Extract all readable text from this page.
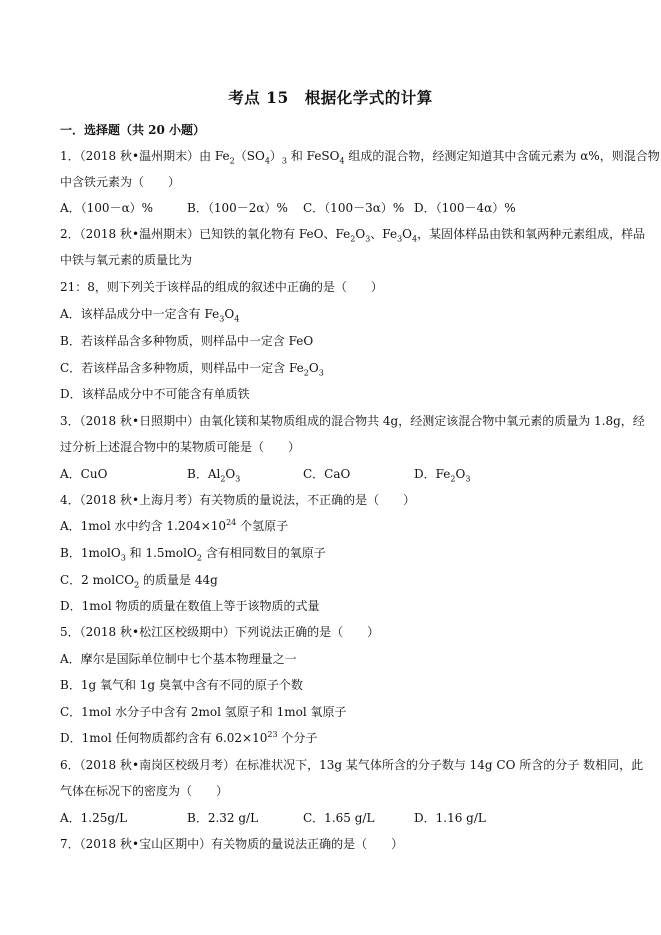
考点 15　根据化学式的计算
一．选择题（共 20 小题）
1．（2018 秋•温州期末）由 $Fe_2(SO_4)_3$ 和 FeSO$_4$ 组成的混合物，经测定知道其中含硫元素为 α%，则混合物
中含铁元素为（　　）
A．（100－α）%	B．（100－2α）% C．（100－3α）% D．（100－4α）%
2．（2018 秋•温州期末）已知铁的氧化物有 FeO、$Fe_2O_3$、$Fe_3O_4$，某固体样品由铁和氧两种元素组成，样品
中铁与氧元素的质量比为
21：8，则下列关于该样品的组成的叙述中正确的是（　　）
A．该样品成分中一定含有 $Fe_3O_4$
B．若该样品含多种物质，则样品中一定含 FeO
C．若该样品含多种物质，则样品中一定含 $Fe_2O_3$
D．该样品成分中不可能含有单质铁
3．（2018 秋•日照期中）由氧化镁和某物质组成的混合物共 4g，经测定该混合物中氧元素的质量为 1.8g，经
过分析上述混合物中的某物质可能是（　　）
A．CuO	B．$Al_2O_3$	C．CaO	D．$Fe_2O_3$
4．（2018 秋•上海月考）有关物质的量说法，不正确的是（　　）
A．1mol 水中约含 $1.204\times 10^{24}$ 个氢原子
B．1molO$_3$ 和 1.5molO$_2$ 含有相同数目的氧原子
C．2 molCO$_2$ 的质量是 44g
D．1mol 物质的质量在数值上等于该物质的式量
5．（2018 秋•松江区校级期中）下列说法正确的是（　　）
A．摩尔是国际单位制中七个基本物理量之一
B．1g 氧气和 1g 臭氧中含有不同的原子个数
C．1mol 水分子中含有 2mol 氢原子和 1mol 氧原子
D．1mol 任何物质都约含有 $6.02\times 10^{23}$ 个分子
6．（2018 秋•南岗区校级月考）在标准状况下，13g 某气体所含的分子数与 14g CO 所含的分子 数相同，此
气体在标况下的密度为（　　）
A．1.25g/L	B．2.32 g/L	C．1.65 g/L	D．1.16 g/L
7．（2018 秋•宝山区期中）有关物质的量说法正确的是（　　）
